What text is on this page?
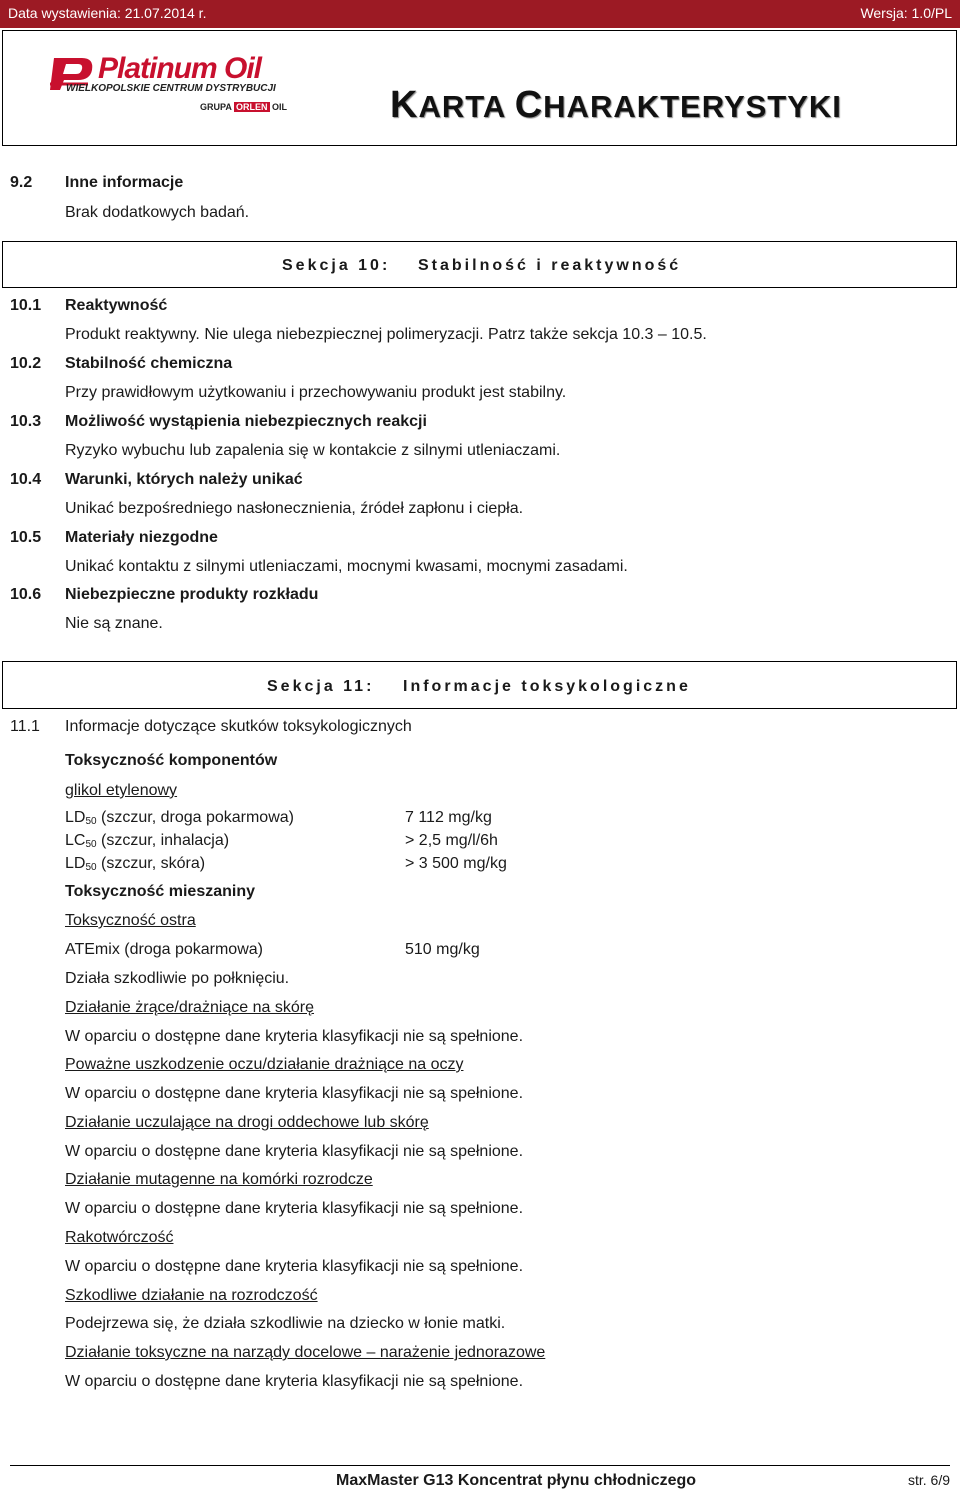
Data wystawienia: 21.07.2014 r.	Wersja: 1.0/PL
Platinum Oil
WIELKOPOLSKIE CENTRUM DYSTRYBUCJI
GRUPA ORLEN OIL	KARTA CHARAKTERYSTYKI
9.2 Inne informacje
Brak dodatkowych badań.
Sekcja 10: Stabilność i reaktywność
10.1 Reaktywność
Produkt reaktywny. Nie ulega niebezpiecznej polimeryzacji. Patrz także sekcja 10.3 – 10.5.
10.2 Stabilność chemiczna
Przy prawidłowym użytkowaniu i przechowywaniu produkt jest stabilny.
10.3 Możliwość wystąpienia niebezpiecznych reakcji
Ryzyko wybuchu lub zapalenia się w kontakcie z silnymi utleniaczami.
10.4 Warunki, których należy unikać
Unikać bezpośredniego nasłonecznienia, źródeł zapłonu i ciepła.
10.5 Materiały niezgodne
Unikać kontaktu z silnymi utleniaczami, mocnymi kwasami, mocnymi zasadami.
10.6 Niebezpieczne produkty rozkładu
Nie są znane.
Sekcja 11: Informacje toksykologiczne
11.1 Informacje dotyczące skutków toksykologicznych
Toksyczność komponentów
glikol etylenowy
$LD_{50}$ (szczur, droga pokarmowa)	7 112 mg/kg
$LC_{50}$ (szczur, inhalacja)	> 2,5 mg/l/6h
$LD_{50}$ (szczur, skóra)	> 3 500 mg/kg
Toksyczność mieszaniny
Toksyczność ostra
ATEmix (droga pokarmowa)	510 mg/kg
Działa szkodliwie po połknięciu.
Działanie żrące/drażniące na skórę
W oparciu o dostępne dane kryteria klasyfikacji nie są spełnione.
Poważne uszkodzenie oczu/działanie drażniące na oczy
W oparciu o dostępne dane kryteria klasyfikacji nie są spełnione.
Działanie uczulające na drogi oddechowe lub skórę
W oparciu o dostępne dane kryteria klasyfikacji nie są spełnione.
Działanie mutagenne na komórki rozrodcze
W oparciu o dostępne dane kryteria klasyfikacji nie są spełnione.
Rakotwórczość
W oparciu o dostępne dane kryteria klasyfikacji nie są spełnione.
Szkodliwe działanie na rozrodczość
Podejrzewa się, że działa szkodliwie na dziecko w łonie matki.
Działanie toksyczne na narządy docelowe – narażenie jednorazowe
W oparciu o dostępne dane kryteria klasyfikacji nie są spełnione.
MaxMaster G13 Koncentrat płynu chłodniczego	str. 6/9
